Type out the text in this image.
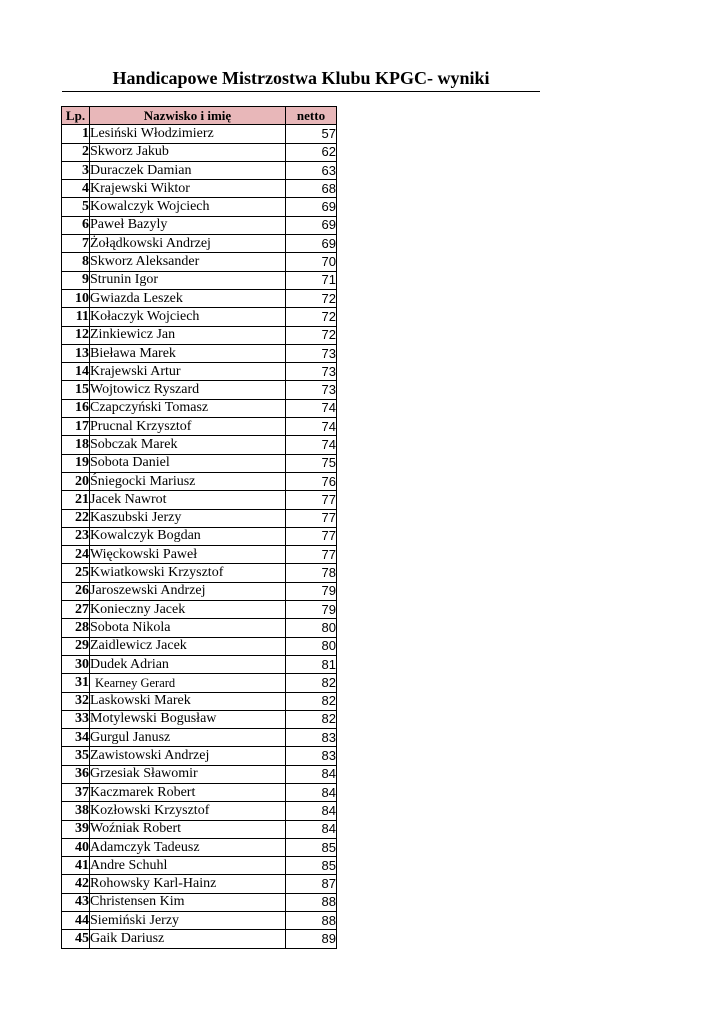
Handicapowe Mistrzostwa Klubu KPGC- wyniki
Lp.	Nazwisko i imię	netto
1	Lesiński Włodzimierz	57
2	Skworz Jakub	62
3	Duraczek Damian	63
4	Krajewski Wiktor	68
5	Kowalczyk Wojciech	69
6	Paweł Bazyly	69
7	Żołądkowski Andrzej	69
8	Skworz Aleksander	70
9	Strunin Igor	71
10	Gwiazda Leszek	72
11	Kołaczyk Wojciech	72
12	Zinkiewicz Jan	72
13	Bieława Marek	73
14	Krajewski Artur	73
15	Wojtowicz Ryszard	73
16	Czapczyński Tomasz	74
17	Prucnal Krzysztof	74
18	Sobczak Marek	74
19	Sobota Daniel	75
20	Śniegocki Mariusz	76
21	Jacek Nawrot	77
22	Kaszubski Jerzy	77
23	Kowalczyk Bogdan	77
24	Więckowski Paweł	77
25	Kwiatkowski Krzysztof	78
26	Jaroszewski Andrzej	79
27	Konieczny Jacek	79
28	Sobota Nikola	80
29	Zaidlewicz Jacek	80
30	Dudek Adrian	81
31	Kearney Gerard	82
32	Laskowski Marek	82
33	Motylewski Bogusław	82
34	Gurgul Janusz	83
35	Zawistowski Andrzej	83
36	Grzesiak Sławomir	84
37	Kaczmarek Robert	84
38	Kozłowski Krzysztof	84
39	Woźniak Robert	84
40	Adamczyk Tadeusz	85
41	Andre Schuhl	85
42	Rohowsky Karl-Hainz	87
43	Christensen Kim	88
44	Siemiński Jerzy	88
45	Gaik Dariusz	89
